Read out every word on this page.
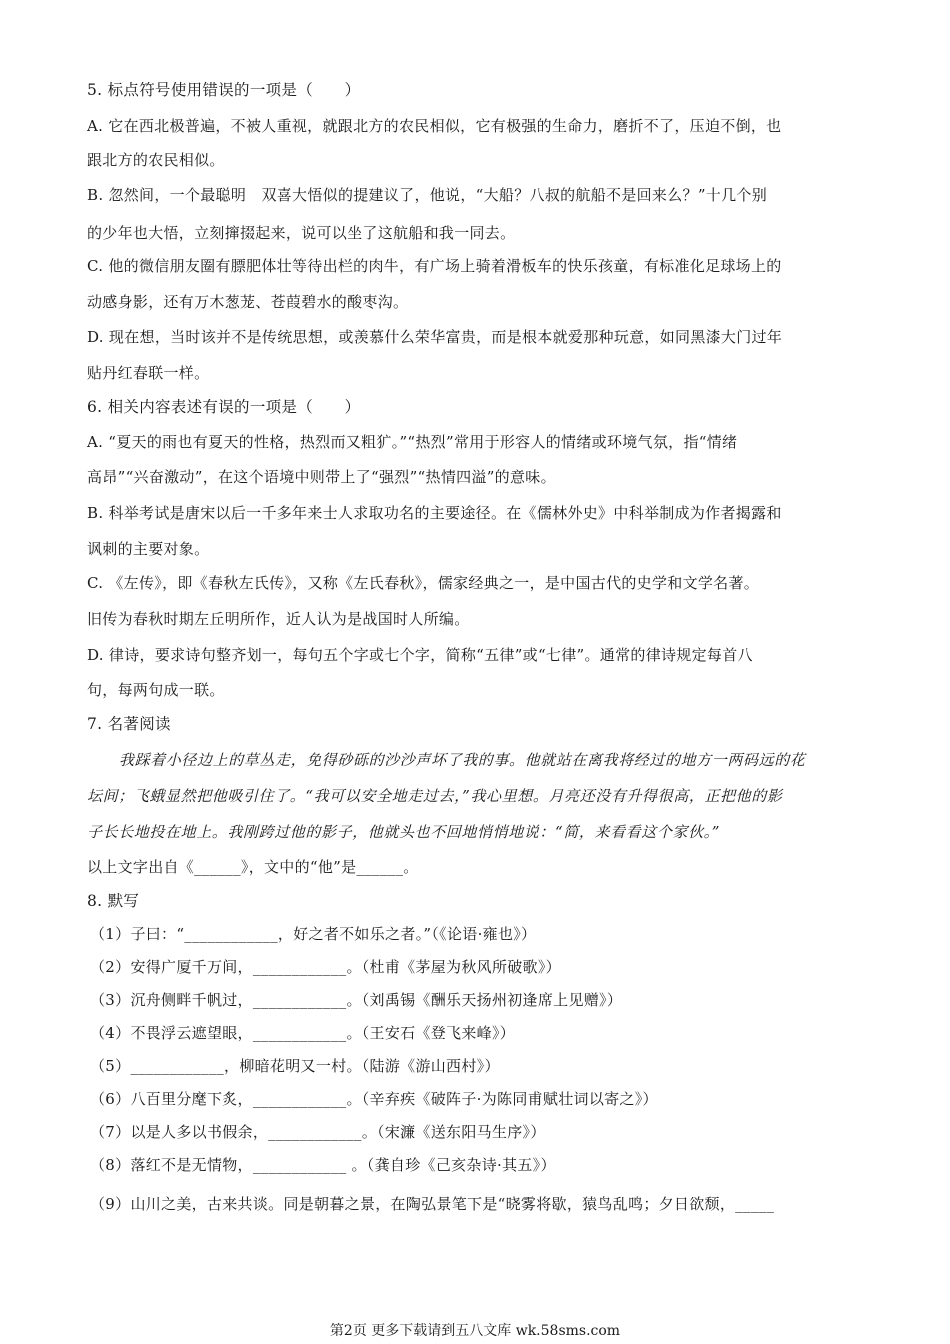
5. 标点符号使用错误的一项是（　　）
A. 它在西北极普遍，不被人重视，就跟北方的农民相似，它有极强的生命力，磨折不了，压迫不倒，也
跟北方的农民相似。
B. 忽然间，一个最聪明　双喜大悟似的提建议了，他说，“大船？八叔的航船不是回来么？”十几个别
的少年也大悟，立刻撺掇起来，说可以坐了这航船和我一同去。
C. 他的微信朋友圈有膘肥体壮等待出栏的肉牛，有广场上骑着滑板车的快乐孩童，有标准化足球场上的
动感身影，还有万木葱茏、苍葭碧水的酸枣沟。
D. 现在想，当时该并不是传统思想，或羡慕什么荣华富贵，而是根本就爱那种玩意，如同黑漆大门过年
贴丹红春联一样。
6. 相关内容表述有误的一项是（　　）
A. “夏天的雨也有夏天的性格，热烈而又粗犷。”“热烈”常用于形容人的情绪或环境气氛，指“情绪
高昂”“兴奋激动”，在这个语境中则带上了“强烈”“热情四溢”的意味。
B. 科举考试是唐宋以后一千多年来士人求取功名的主要途径。在《儒林外史》中科举制成为作者揭露和
讽刺的主要对象。
C. 《左传》，即《春秋左氏传》，又称《左氏春秋》，儒家经典之一，是中国古代的史学和文学名著。
旧传为春秋时期左丘明所作，近人认为是战国时人所编。
D. 律诗，要求诗句整齐划一，每句五个字或七个字，简称“五律”或“七律”。通常的律诗规定每首八
句，每两句成一联。
7. 名著阅读
我踩着小径边上的草丛走，免得砂砾的沙沙声坏了我的事。他就站在离我将经过的地方一两码远的花
坛间；飞蛾显然把他吸引住了。“我可以安全地走过去，”我心里想。月亮还没有升得很高，正把他的影
子长长地投在地上。我刚跨过他的影子，他就头也不回地悄悄地说：“简，来看看这个家伙。”
以上文字出自《______》，文中的“他”是______。
8. 默写
（1）子曰：“____________，好之者不如乐之者。”（《论语·雍也》）
（2）安得广厦千万间，____________。（杜甫《茅屋为秋风所破歌》）
（3）沉舟侧畔千帆过，____________。（刘禹锡《酬乐天扬州初逢席上见赠》）
（4）不畏浮云遮望眼，____________。（王安石《登飞来峰》）
（5）____________，柳暗花明又一村。（陆游《游山西村》）
（6）八百里分麾下炙，____________。（辛弃疾《破阵子·为陈同甫赋壮词以寄之》）
（7）以是人多以书假余，____________。（宋濂《送东阳马生序》）
（8）落红不是无情物，____________ 。（龚自珍《己亥杂诗·其五》）
（9）山川之美，古来共谈。同是朝暮之景，在陶弘景笔下是“晓雾将歇，猿鸟乱鸣；夕日欲颓，_____
第2页 更多下载请到五八文库 wk.58sms.com
